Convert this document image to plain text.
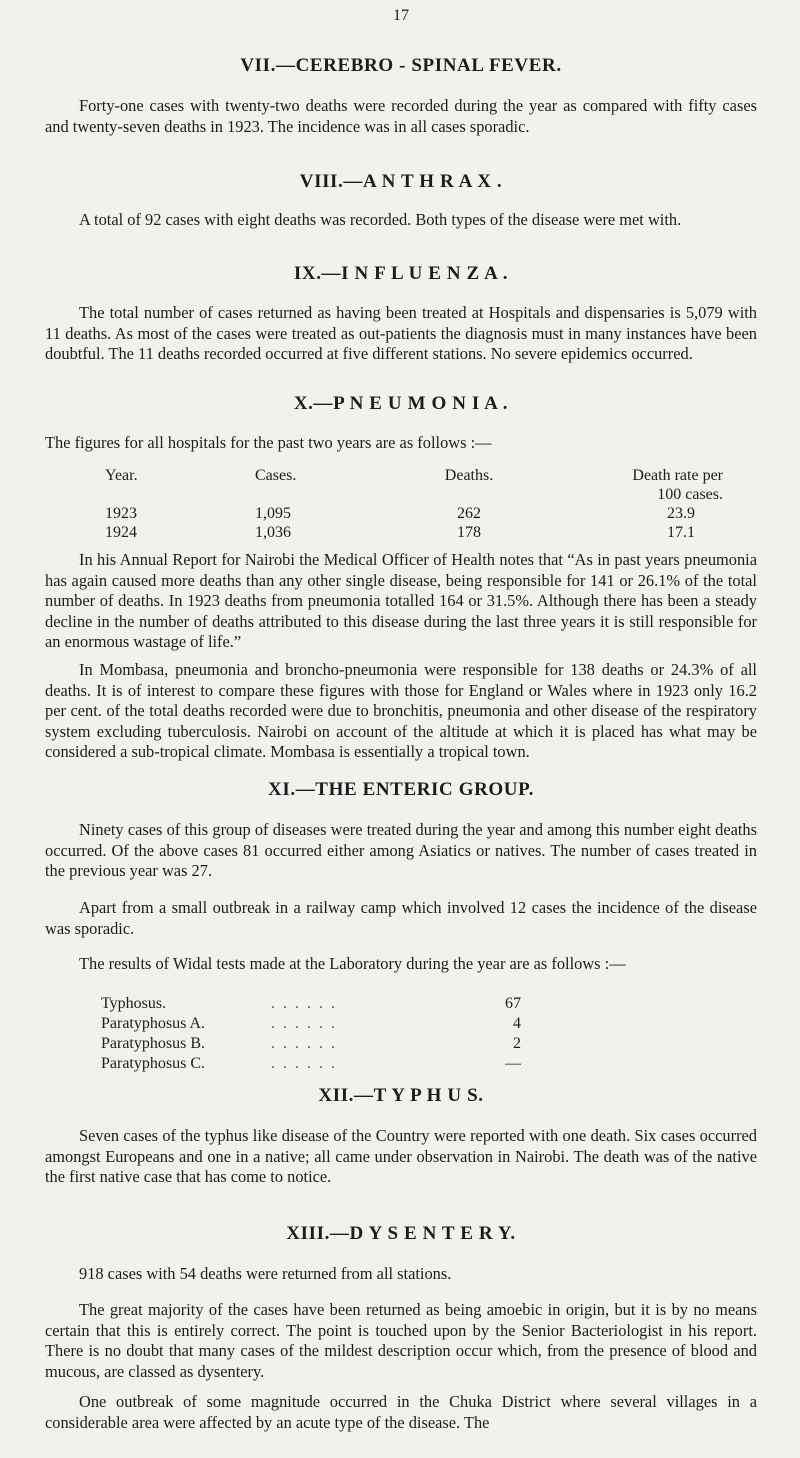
17
VII.—CEREBRO - SPINAL FEVER.

Forty-one cases with twenty-two deaths were recorded during the year as compared with fifty cases and twenty-seven deaths in 1923. The incidence was in all cases sporadic.

VIII.—A N T H R A X .

A total of 92 cases with eight deaths was recorded. Both types of the disease were met with.

IX.—I N F L U E N Z A .

The total number of cases returned as having been treated at Hospitals and dispensaries is 5,079 with 11 deaths. As most of the cases were treated as out-patients the diagnosis must in many instances have been doubtful. The 11 deaths recorded occurred at five different stations. No severe epidemics occurred.

X.—P N E U M O N I A .

The figures for all hospitals for the past two years are as follows :—

Year.	Cases.	Deaths.	Death rate per
100 cases.

1923	1,095	262	23.9
1924	1,036	178	17.1

In his Annual Report for Nairobi the Medical Officer of Health notes that “As in past years pneumonia has again caused more deaths than any other single disease, being responsible for 141 or 26.1% of the total number of deaths. In 1923 deaths from pneumonia totalled 164 or 31.5%. Although there has been a steady decline in the number of deaths attributed to this disease during the last three years it is still responsible for an enormous wastage of life.”

In Mombasa, pneumonia and broncho-pneumonia were responsible for 138 deaths or 24.3% of all deaths. It is of interest to compare these figures with those for England or Wales where in 1923 only 16.2 per cent. of the total deaths recorded were due to bronchitis, pneumonia and other disease of the respiratory system excluding tuberculosis. Nairobi on account of the altitude at which it is placed has what may be considered a sub-tropical climate. Mombasa is essentially a tropical town.

XI.—THE ENTERIC GROUP.

Ninety cases of this group of diseases were treated during the year and among this number eight deaths occurred. Of the above cases 81 occurred either among Asiatics or natives. The number of cases treated in the previous year was 27.

Apart from a small outbreak in a railway camp which involved 12 cases the incidence of the disease was sporadic.

The results of Widal tests made at the Laboratory during the year are as follows :—

Typhosus.	. . . . . .	67
Paratyphosus A.	. . . . . .	4
Paratyphosus B.	. . . . . .	2
Paratyphosus C.	. . . . . .	—
XII.—T Y P H U S.

Seven cases of the typhus like disease of the Country were reported with one death. Six cases occurred amongst Europeans and one in a native; all came under observation in Nairobi. The death was of the native the first native case that has come to notice.

XIII.—D Y S E N T E R Y.

918 cases with 54 deaths were returned from all stations.

The great majority of the cases have been returned as being amoebic in origin, but it is by no means certain that this is entirely correct. The point is touched upon by the Senior Bacteriologist in his report. There is no doubt that many cases of the mildest description occur which, from the presence of blood and mucous, are classed as dysentery.

One outbreak of some magnitude occurred in the Chuka District where several villages in a considerable area were affected by an acute type of the disease. The
